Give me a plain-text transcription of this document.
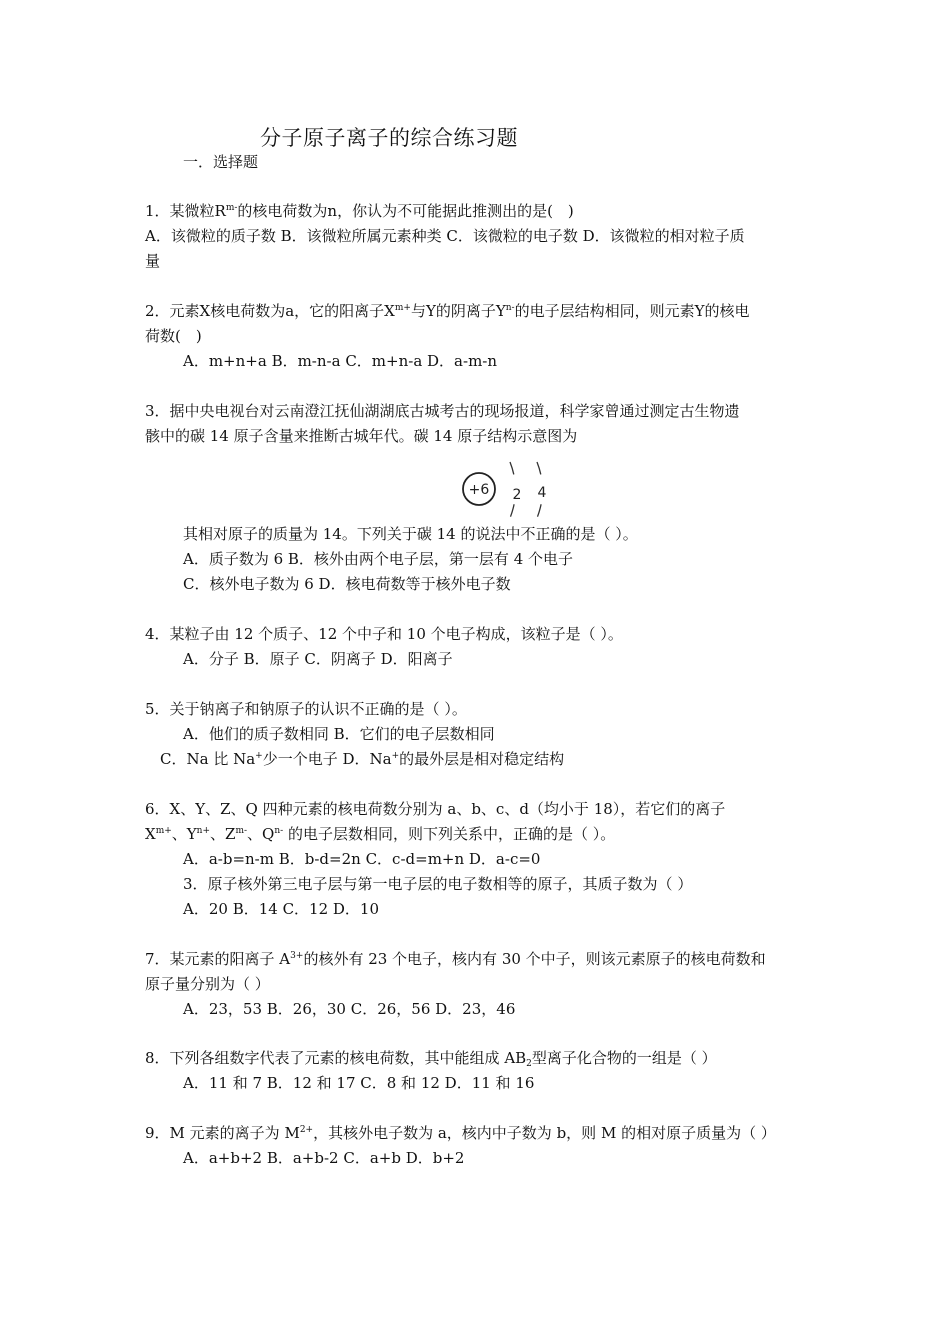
分子原子离子的综合练习题
一．选择题
1．某微粒$R^{m-}$的核电荷数为n，你认为不可能据此推测出的是(　)
A．该微粒的质子数 B．该微粒所属元素种类 C．该微粒的电子数 D．该微粒的相对粒子质
量
2．元素X核电荷数为a，它的阳离子$X^{m+}$与Y的阴离子$Y^{n-}$的电子层结构相同，则元素Y的核电
荷数(　)
A．m+n+a B．m-n-a C．m+n-a D．a-m-n
3．据中央电视台对云南澄江抚仙湖湖底古城考古的现场报道，科学家曾通过测定古生物遗
骸中的碳 14 原子含量来推断古城年代。碳 14 原子结构示意图为
+6 2 4
其相对原子的质量为 14。下列关于碳 14 的说法中不正确的是（ ）。
A．质子数为 6 B．核外由两个电子层，第一层有 4 个电子
C．核外电子数为 6 D．核电荷数等于核外电子数
4．某粒子由 12 个质子、12 个中子和 10 个电子构成，该粒子是（ ）。
A．分子 B．原子 C．阴离子 D．阳离子
5．关于钠离子和钠原子的认识不正确的是（ ）。
A．他们的质子数相同 B．它们的电子层数相同
C．Na 比 Na+少一个电子 D．Na+的最外层是相对稳定结构
6．X、Y、Z、Q 四种元素的核电荷数分别为 a、b、c、d（均小于 18），若它们的离子
$X^{m+}$、$Y^{n+}$、$Z^{m-}$、$Q^{n-}$ 的电子层数相同，则下列关系中，正确的是（ ）。
A．a-b=n-m B．b-d=2n C．c-d=m+n D．a-c=0
3．原子核外第三电子层与第一电子层的电子数相等的原子，其质子数为（ ）
A．20 B．14 C．12 D．10
7．某元素的阳离子 $A^{3+}$的核外有 23 个电子，核内有 30 个中子，则该元素原子的核电荷数和
原子量分别为（ ）
A．23，53 B．26，30 C．26，56 D．23，46
8．下列各组数字代表了元素的核电荷数，其中能组成 $AB_2$型离子化合物的一组是（ ）
A．11 和 7 B．12 和 17 C．8 和 12 D．11 和 16
9．M 元素的离子为 $M^{2+}$，其核外电子数为 a，核内中子数为 b，则 M 的相对原子质量为（ ）
A．a+b+2 B．a+b-2 C．a+b D．b+2
